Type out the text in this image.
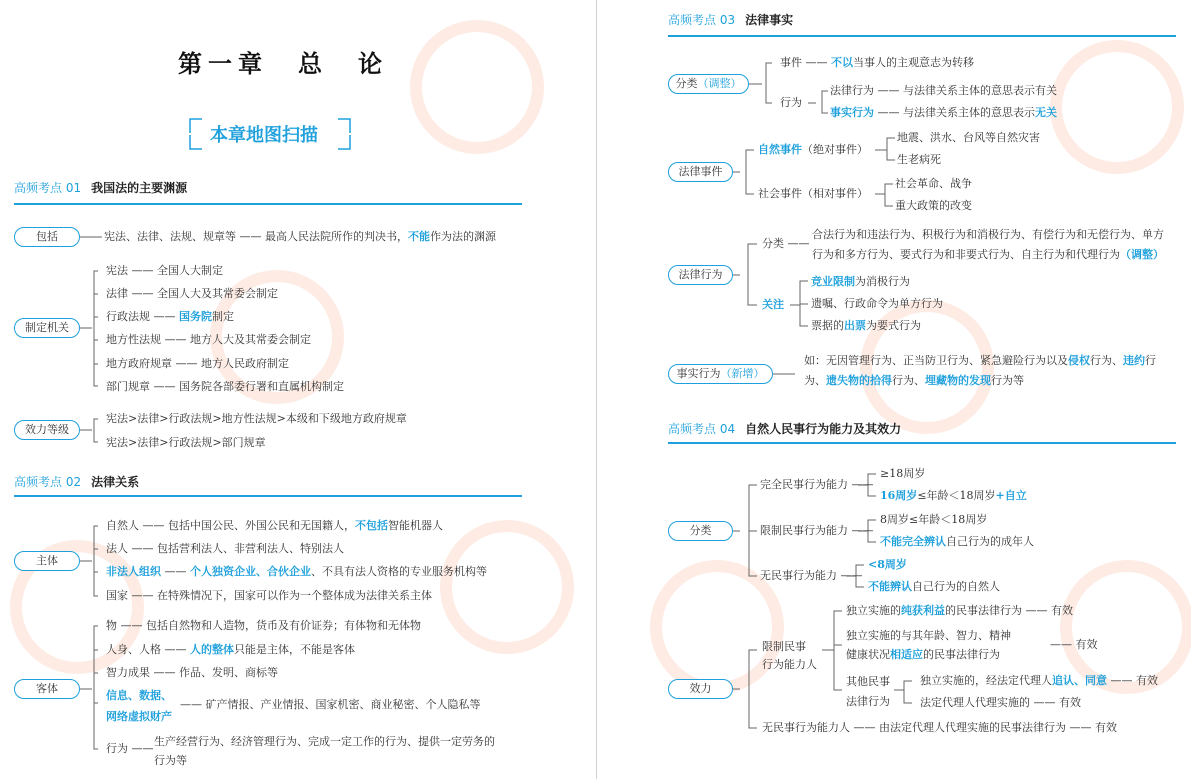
第一章　总　论
本章地图扫描
高频考点 01 我国法的主要渊源
包括	宪法、法律、法规、规章等 —— 最高人民法院所作的判决书，不能作为法的渊源
制定机关
宪法 —— 全国人大制定
法律 —— 全国人大及其常委会制定
行政法规 —— 国务院制定
地方性法规 —— 地方人大及其常委会制定
地方政府规章 —— 地方人民政府制定
部门规章 —— 国务院各部委行署和直属机构制定
效力等级
宪法>法律>行政法规>地方性法规>本级和下级地方政府规章
宪法>法律>行政法规>部门规章
高频考点 02 法律关系
主体
自然人 —— 包括中国公民、外国公民和无国籍人，不包括智能机器人
法人 —— 包括营利法人、非营利法人、特别法人
非法人组织 —— 个人独资企业、合伙企业、不具有法人资格的专业服务机构等
国家 —— 在特殊情况下，国家可以作为一个整体成为法律关系主体
客体
物 —— 包括自然物和人造物，货币及有价证券；有体物和无体物
人身、人格 —— 人的整体只能是主体，不能是客体
智力成果 —— 作品、发明、商标等
信息、数据、
网络虚拟财产
—— 矿产情报、产业情报、国家机密、商业秘密、个人隐私等
行为 ——
生产经营行为、经济管理行为、完成一定工作的行为、提供一定劳务的
行为等
高频考点 03 法律事实
分类（调整）
事件 —— 不以当事人的主观意志为转移
行为
法律行为 —— 与法律关系主体的意思表示有关
事实行为 —— 与法律关系主体的意思表示无关
法律事件
自然事件（绝对事件）
地震、洪水、台风等自然灾害
生老病死
社会事件（相对事件）
社会革命、战争
重大政策的改变
法律行为
分类 ——
合法行为和违法行为、积极行为和消极行为、有偿行为和无偿行为、单方
行为和多方行为、要式行为和非要式行为、自主行为和代理行为（调整）
关注
竞业限制为消极行为
遗嘱、行政命令为单方行为
票据的出票为要式行为
事实行为（新增）
如：无因管理行为、正当防卫行为、紧急避险行为以及侵权行为、违约行
为、遗失物的拾得行为、埋藏物的发现行为等
高频考点 04 自然人民事行为能力及其效力
分类
完全民事行为能力 ——
≥18周岁
16周岁≤年龄＜18周岁+自立
限制民事行为能力 ——
8周岁≤年龄＜18周岁
不能完全辨认自己行为的成年人
无民事行为能力 ——
<8周岁
不能辨认自己行为的自然人
效力
限制民事
行为能力人
独立实施的纯获利益的民事法律行为 —— 有效
独立实施的与其年龄、智力、精神
健康状况相适应的民事法律行为
—— 有效
其他民事
法律行为
独立实施的，经法定代理人追认、同意 —— 有效
法定代理人代理实施的 —— 有效
无民事行为能力人 —— 由法定代理人代理实施的民事法律行为 —— 有效
